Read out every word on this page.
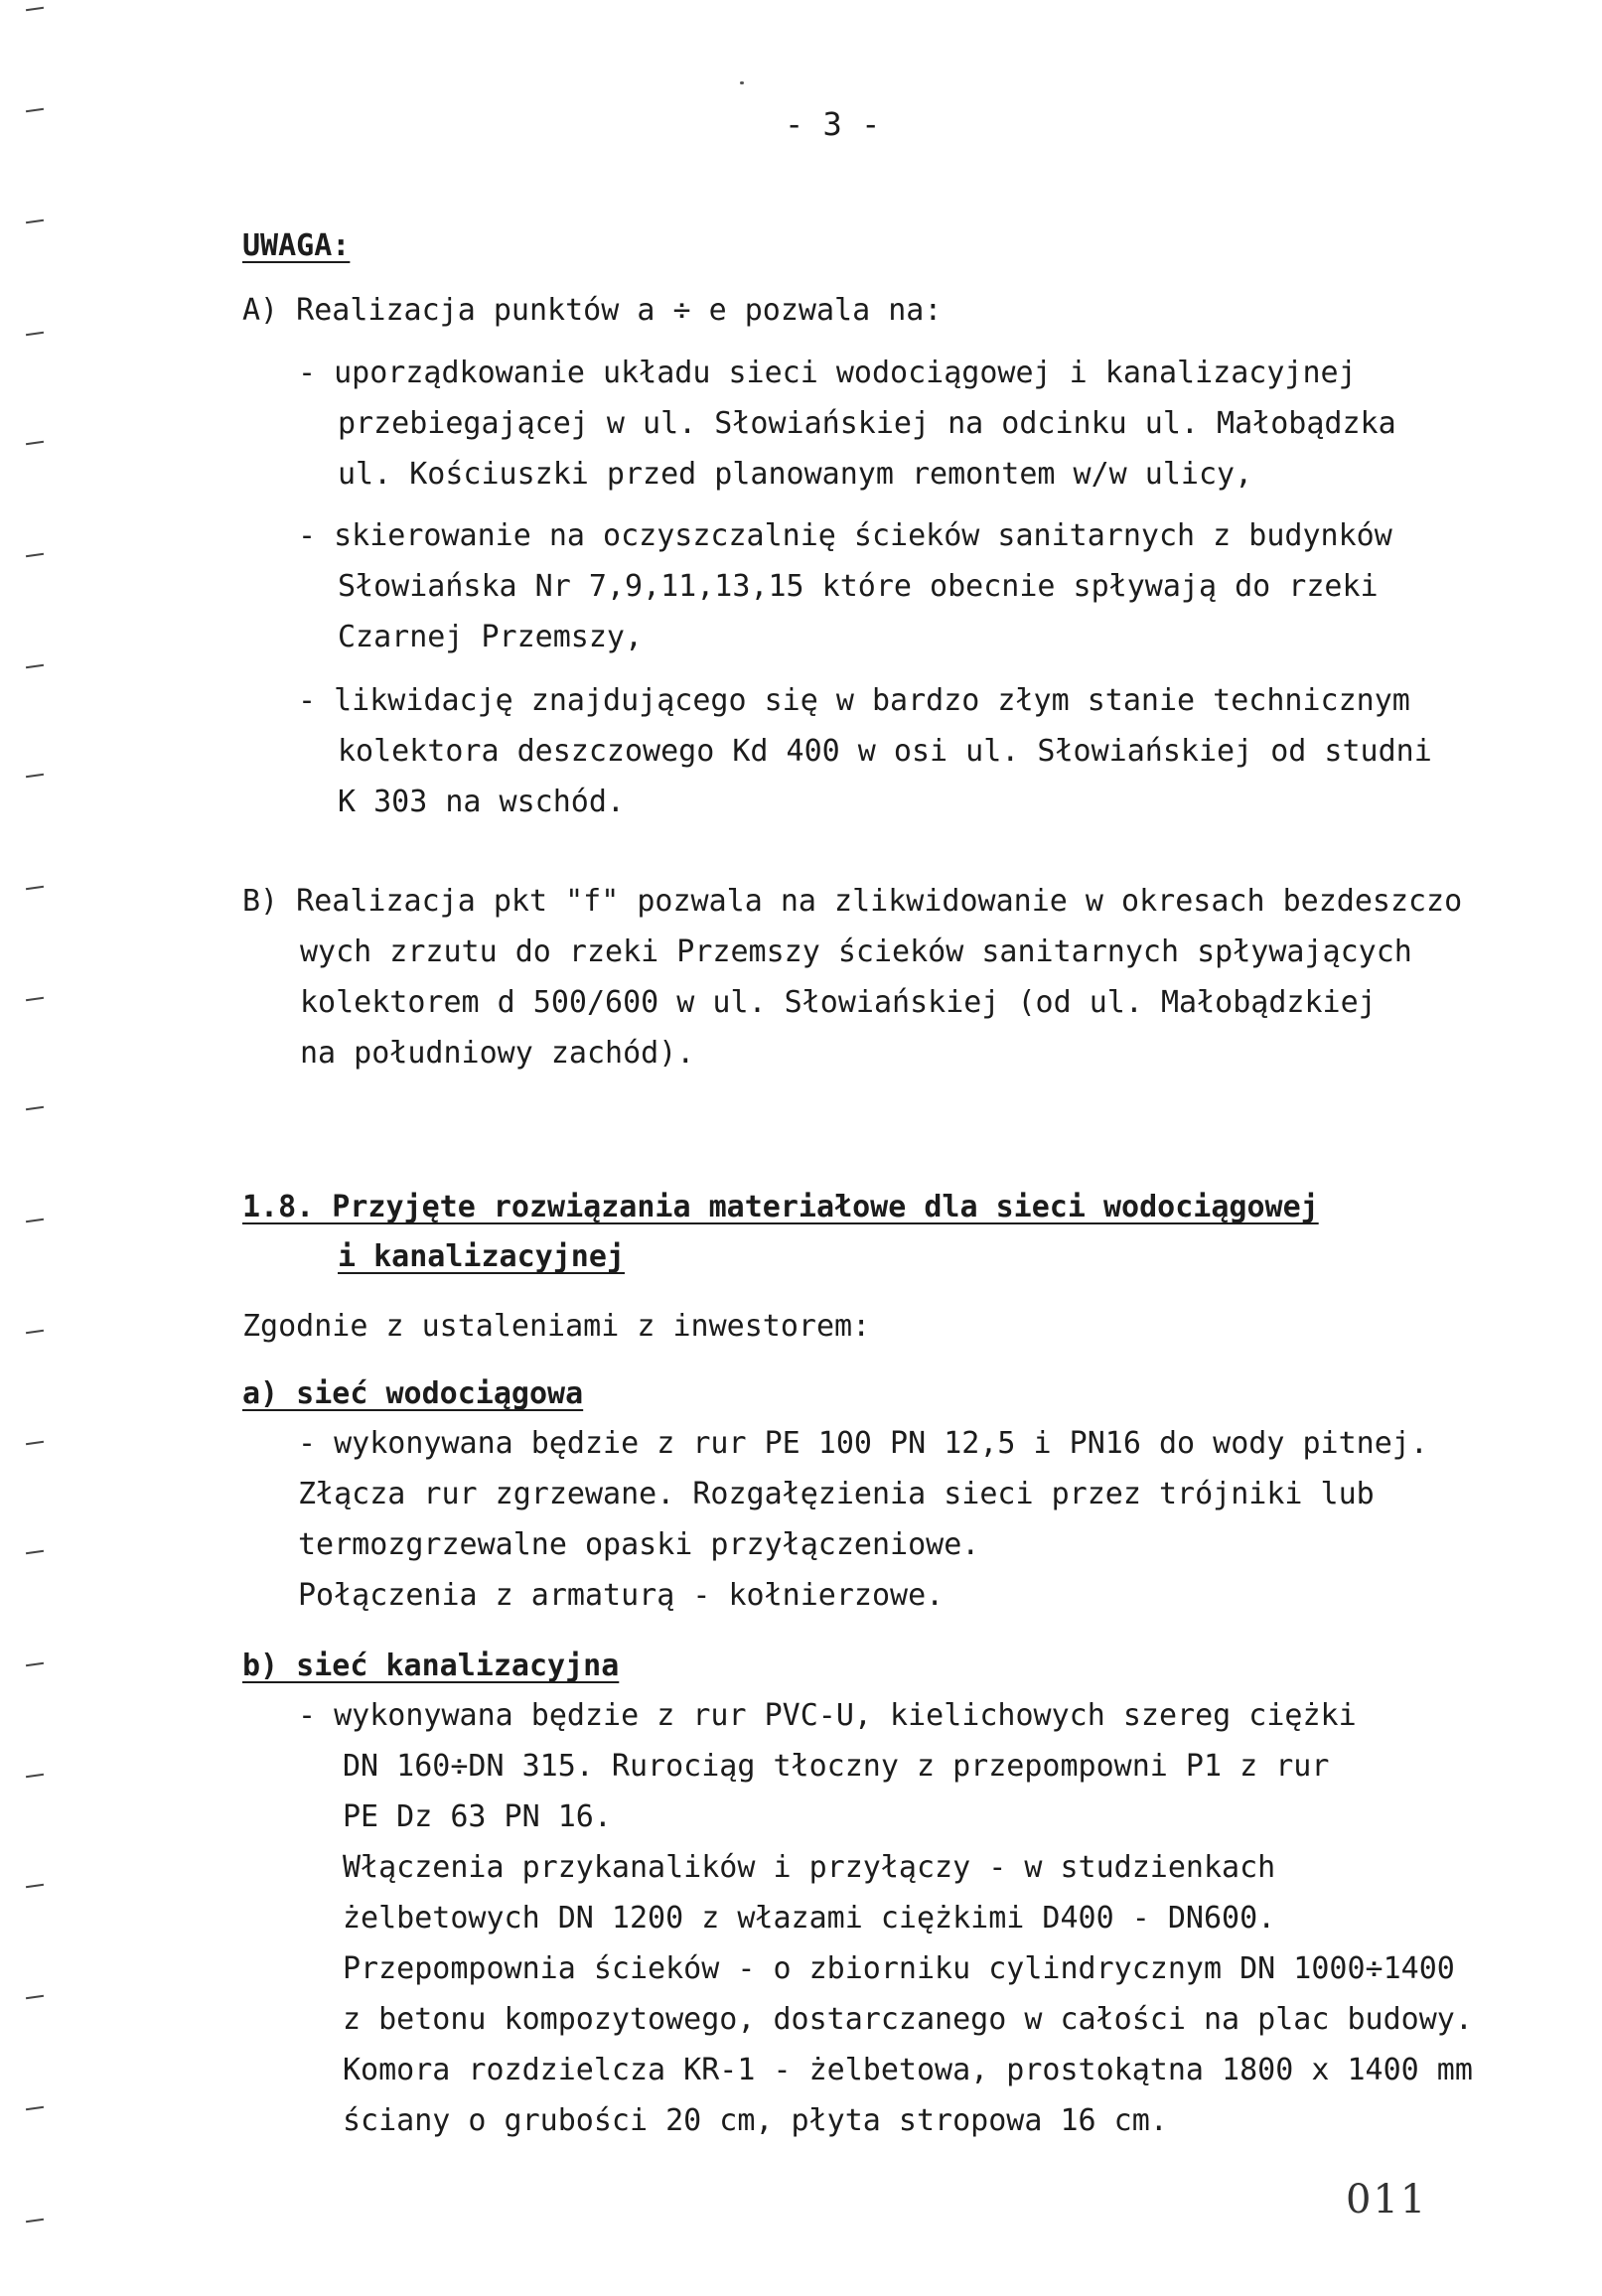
- 3 -
UWAGA:
A) Realizacja punktów a ÷ e pozwala na:
- uporządkowanie układu sieci wodociągowej i kanalizacyjnej
przebiegającej w ul. Słowiańskiej na odcinku ul. Małobądzka
ul. Kościuszki przed planowanym remontem w/w ulicy,
- skierowanie na oczyszczalnię ścieków sanitarnych z budynków
Słowiańska Nr 7,9,11,13,15 które obecnie spływają do rzeki
Czarnej Przemszy,
- likwidację znajdującego się w bardzo złym stanie technicznym
kolektora deszczowego Kd 400 w osi ul. Słowiańskiej od studni
K 303 na wschód.
B) Realizacja pkt "f" pozwala na zlikwidowanie w okresach bezdeszczo
wych zrzutu do rzeki Przemszy ścieków sanitarnych spływających
kolektorem d 500/600 w ul. Słowiańskiej (od ul. Małobądzkiej
na południowy zachód).
1.8. Przyjęte rozwiązania materiałowe dla sieci wodociągowej
i kanalizacyjnej
Zgodnie z ustaleniami z inwestorem:
a) sieć wodociągowa
- wykonywana będzie z rur PE 100 PN 12,5 i PN16 do wody pitnej.
Złącza rur zgrzewane. Rozgałęzienia sieci przez trójniki lub
termozgrzewalne opaski przyłączeniowe.
Połączenia z armaturą - kołnierzowe.
b) sieć kanalizacyjna
- wykonywana będzie z rur PVC-U, kielichowych szereg ciężki
DN 160÷DN 315. Rurociąg tłoczny z przepompowni P1 z rur
PE Dz 63 PN 16.
Włączenia przykanalików i przyłączy - w studzienkach
żelbetowych DN 1200 z włazami ciężkimi D400 - DN600.
Przepompownia ścieków - o zbiorniku cylindrycznym DN 1000÷1400
z betonu kompozytowego, dostarczanego w całości na plac budowy.
Komora rozdzielcza KR-1 - żelbetowa, prostokątna 1800 x 1400 mm
ściany o grubości 20 cm, płyta stropowa 16 cm.
011
